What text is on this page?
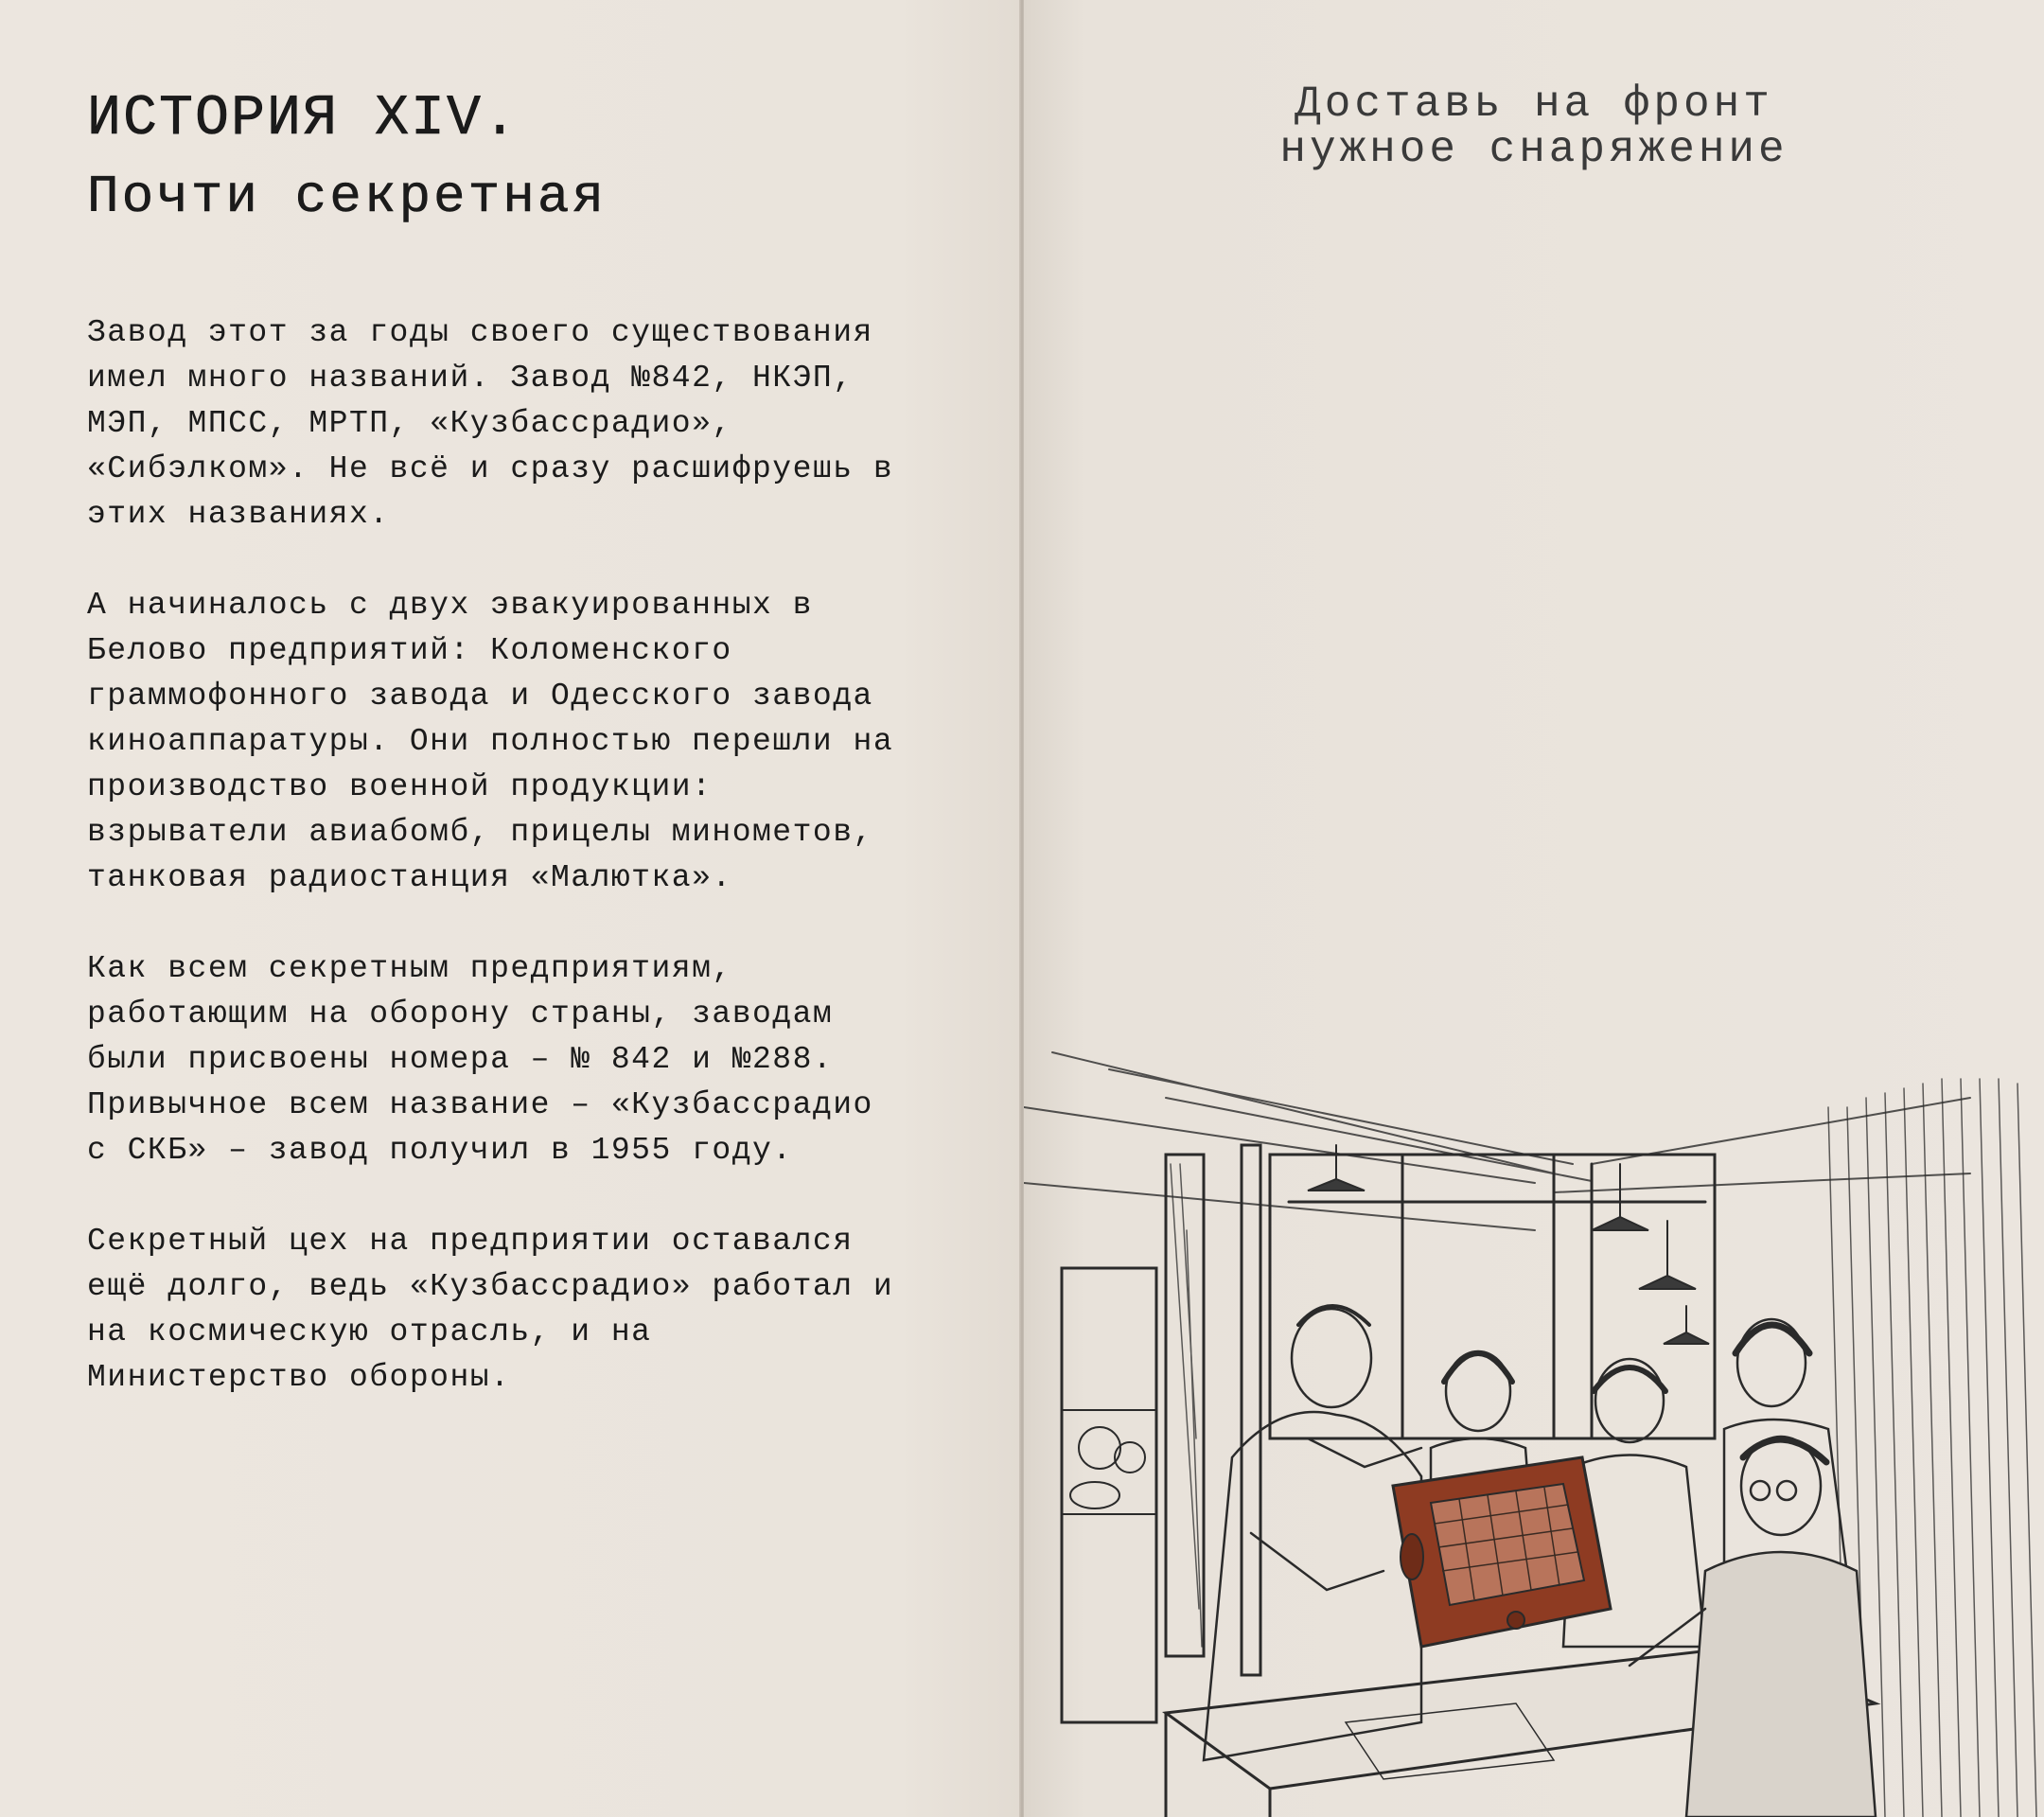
ИСТОРИЯ XIV.
Почти секретная

Завод этот за годы своего существования
имел много названий. Завод №842, НКЭП,
МЭП, МПСС, МРТП, «Кузбассрадио»,
«Сибэлком». Не всё и сразу расшифруешь в
этих названиях.

А начиналось с двух эвакуированных в
Белово предприятий: Коломенского
граммофонного завода и Одесского завода
киноаппаратуры. Они полностью перешли на
производство военной продукции:
взрыватели авиабомб, прицелы минометов,
танковая радиостанция «Малютка».

Как всем секретным предприятиям,
работающим на оборону страны, заводам
были присвоены номера – № 842 и №288.
Привычное всем название – «Кузбассрадио
с СКБ» – завод получил в 1955 году.

Секретный цех на предприятии оставался
ещё долго, ведь «Кузбассрадио» работал и
на космическую отрасль, и на
Министерство обороны.

Доставь на фронт
нужное снаряжение
